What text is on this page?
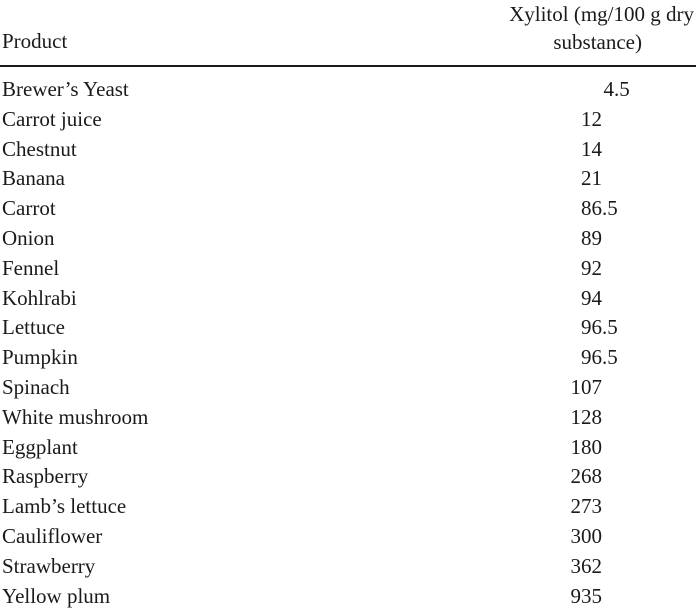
Product
Xylitol (mg/100 g dry
substance)
Brewer’s Yeast	4.5
Carrot juice	12
Chestnut	14
Banana	21
Carrot	86.5
Onion	89
Fennel	92
Kohlrabi	94
Lettuce	96.5
Pumpkin	96.5
Spinach	107
White mushroom	128
Eggplant	180
Raspberry	268
Lamb’s lettuce	273
Cauliflower	300
Strawberry	362
Yellow plum	935
